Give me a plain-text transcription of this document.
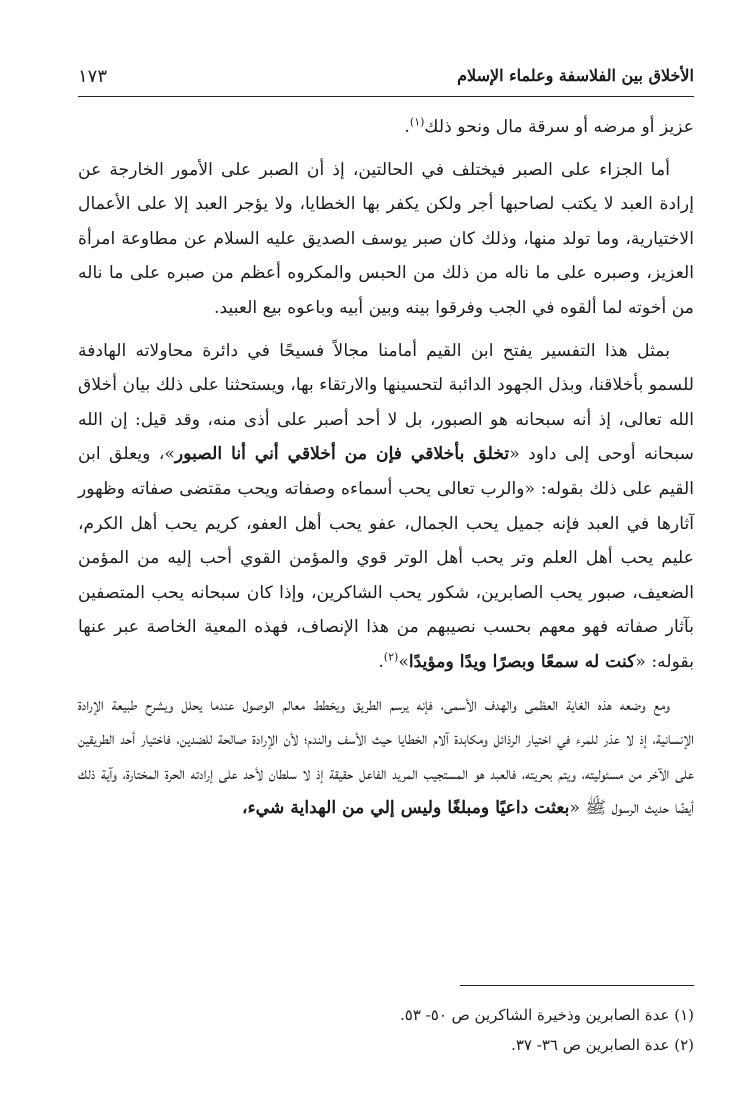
الأخلاق بين الفلاسفة وعلماء الإسلام
١٧٣

عزيز أو مرضه أو سرقة مال ونحو ذلك$^{(١)}$.

أما الجزاء على الصبر فيختلف في الحالتين، إذ أن الصبر على الأمور الخارجة عن إرادة العبد لا يكتب لصاحبها أجر ولكن يكفر بها الخطايا، ولا يؤجر العبد إلا على الأعمال الاختيارية، وما تولد منها، وذلك كان صبر يوسف الصديق عليه السلام عن مطاوعة امرأة العزيز، وصبره على ما ناله من ذلك من الحبس والمكروه أعظم من صبره على ما ناله من أخوته لما ألقوه في الجب وفرقوا بينه وبين أبيه وباعوه بيع العبيد.

بمثل هذا التفسير يفتح ابن القيم أمامنا مجالاً فسيحًا في دائرة محاولاته الهادفة للسمو بأخلاقنا، وبذل الجهود الدائبة لتحسينها والارتقاء بها، ويستحثنا على ذلك بيان أخلاق الله تعالى، إذ أنه سبحانه هو الصبور، بل لا أحد أصبر على أذى منه، وقد قيل: إن الله سبحانه أوحى إلى داود «تخلق بأخلاقي فإن من أخلاقي أني أنا الصبور»، ويعلق ابن القيم على ذلك بقوله: «والرب تعالى يحب أسماءه وصفاته ويحب مقتضى صفاته وظهور آثارها في العبد فإنه جميل يحب الجمال، عفو يحب أهل العفو، كريم يحب أهل الكرم، عليم يحب أهل العلم وتر يحب أهل الوتر قوي والمؤمن القوي أحب إليه من المؤمن الضعيف، صبور يحب الصابرين، شكور يحب الشاكرين، وإذا كان سبحانه يحب المتصفين بآثار صفاته فهو معهم بحسب نصيبهم من هذا الإنصاف، فهذه المعية الخاصة عبر عنها بقوله: «كنت له سمعًا وبصرًا ويدًا ومؤيدًا»$^{(٢)}$.

ومع وضعه هذه الغاية العظمى والهدف الأسمى، فإنه يرسم الطريق ويخطط معالم الوصول عندما يحلل ويشرح طبيعة الإرادة الإنسانية، إذ لا عذر للمرء في اختيار الرذائل ومكابدة آلام الخطايا حيث الأسف والندم؛ لأن الإرادة صالحة للضدين، فاختيار أحد الطريقين على الآخر من مسئوليته، ويتم بحريته، فالعبد هو المستجيب المريد الفاعل حقيقة إذ لا سلطان لأحد على إرادته الحرة المختارة، وآية ذلك أيضًا حديث الرسول ﷺ «بعثت داعيًا ومبلغًا وليس إلي من الهداية شيء،

(١) عدة الصابرين وذخيرة الشاكرين ص ٥٠- ٥٣.

(٢) عدة الصابرين ص ٣٦- ٣٧.
